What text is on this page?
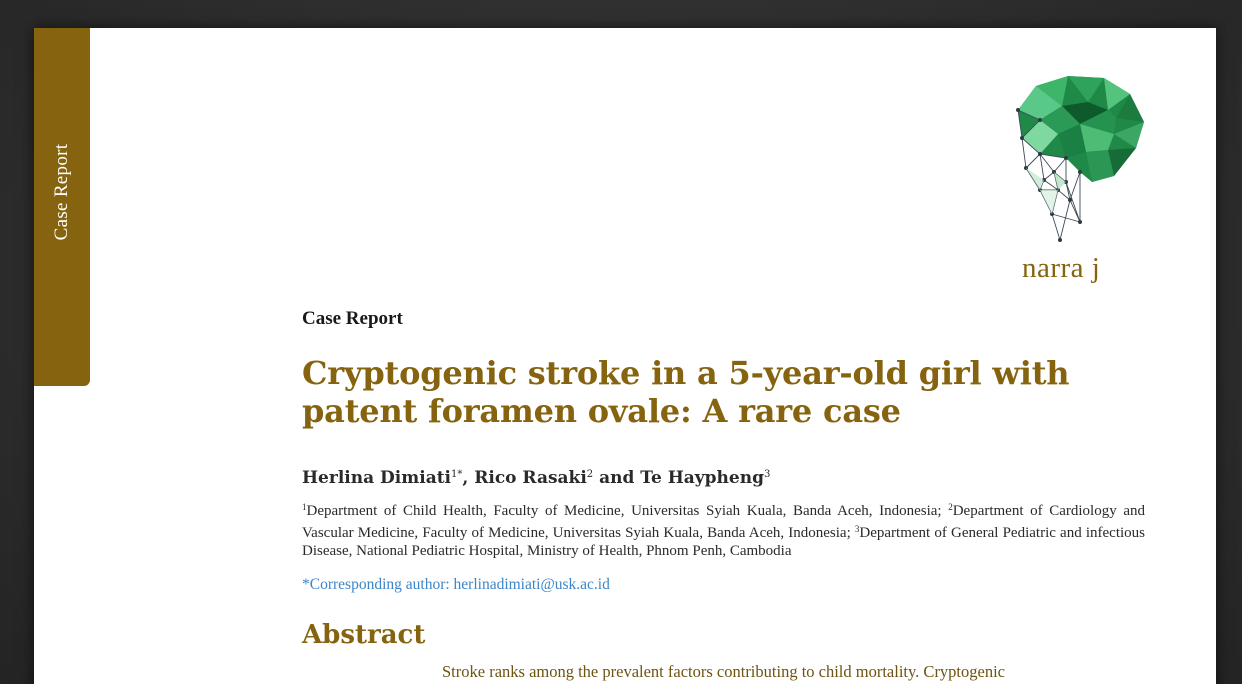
Case Report
narra j

Case Report

Cryptogenic stroke in a 5-year-old girl with
patent foramen ovale: A rare case

Herlina Dimiati$^{1*}$, Rico Rasaki$^2$ and Te Haypheng$^3$

$^1$Department of Child Health, Faculty of Medicine, Universitas Syiah Kuala, Banda Aceh, Indonesia; $^2$Department of Cardiology and Vascular Medicine, Faculty of Medicine, Universitas Syiah Kuala, Banda Aceh, Indonesia; $^3$Department of General Pediatric and infectious Disease, National Pediatric Hospital, Ministry of Health, Phnom Penh, Cambodia

*Corresponding author: herlinadimiati@usk.ac.id

Abstract

Stroke ranks among the prevalent factors contributing to child mortality. Cryptogenic
